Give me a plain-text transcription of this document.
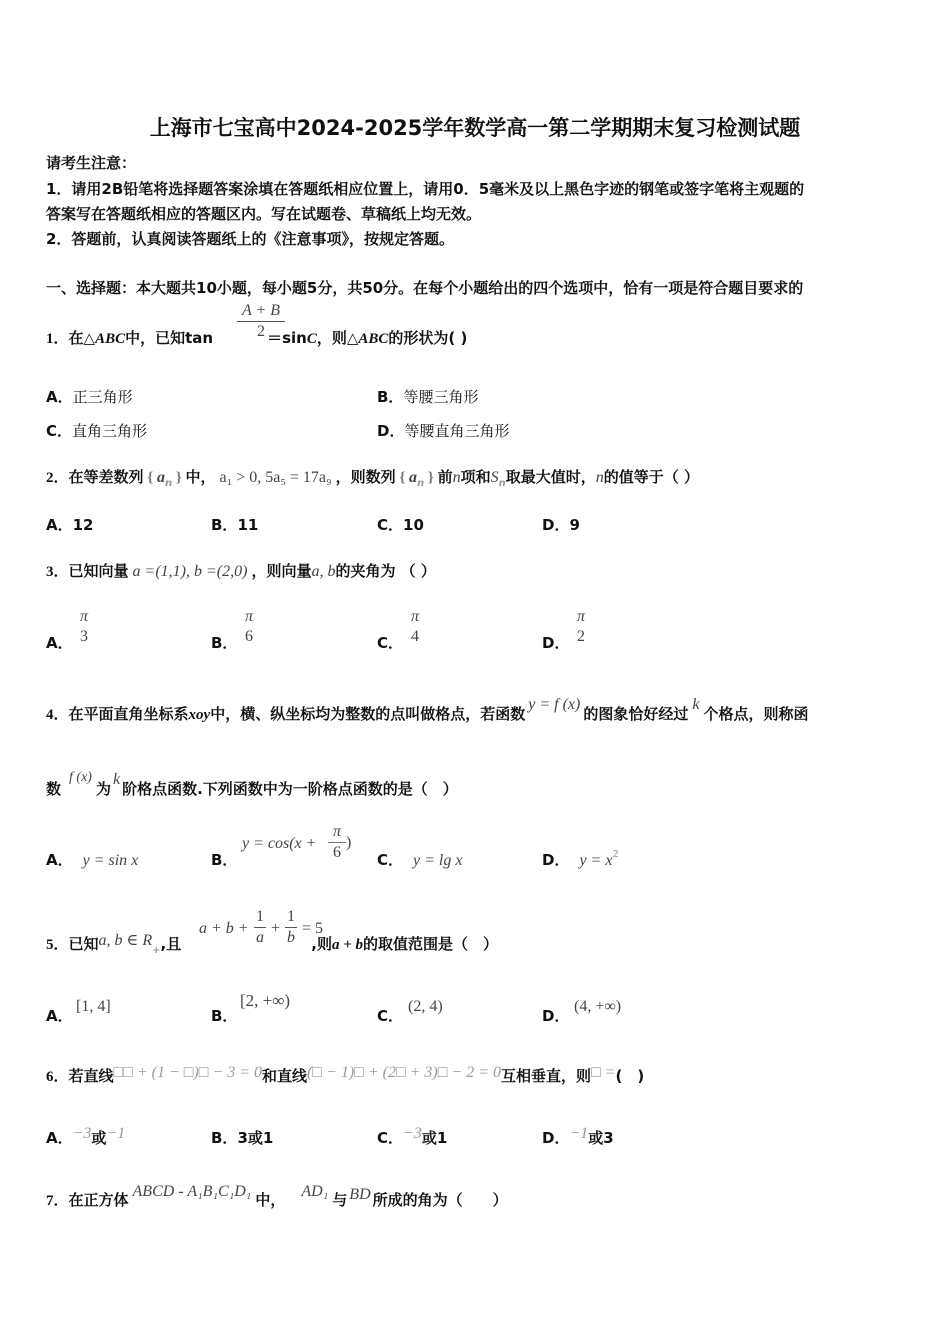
上海市七宝高中2024-2025学年数学高一第二学期期末复习检测试题
请考生注意：
1．请用2B铅笔将选择题答案涂填在答题纸相应位置上，请用0．5毫米及以上黑色字迹的钢笔或签字笔将主观题的
答案写在答题纸相应的答题区内。写在试题卷、草稿纸上均无效。
2．答题前，认真阅读答题纸上的《注意事项》，按规定答题。
一、选择题：本大题共10小题，每小题5分，共50分。在每个小题给出的四个选项中，恰有一项是符合题目要求的
1．在△ABC中，已知tan	＝sinC，则△ABC的形状为( )
A + B
2
A．正三角形	B．等腰三角形
C．直角三角形	D．等腰直角三角形
2．在等差数列 { $a_n$ } 中， a₁ > 0, 5a₅ = 17a₉ ，则数列 { $a_n$ } 前n项和$S_n$取最大值时，n的值等于（ ）
A．12	B．11	C．10	D．9
3．已知向量 a =(1,1), b =(2,0) ，则向量a, b的夹角为 （ ）
A．
π
3	B．
π
6	C．
π
4	D．
π
2
4．在平面直角坐标系xoy中，横、纵坐标均为整数的点叫做格点，若函数y = f (x)的图象恰好经过k个格点，则称函
数f (x)为k阶格点函数.下列函数中为一阶格点函数的是（　）
A． y = sin x	B．
y = cos(x +
π
6
)
C． y = lg x	D． $y = x^2$
5．已知a, b ∈ $R_+$,且	,则a + b的取值范围是（　）
a + b +
1
a
+
1
b
= 5
A．
[1, 4]
B．
[2, +∞)
C．
(2, 4)
D．
(4, +∞)
6．若直线□□ + (1 − □)□ − 3 = 0和直线(□ − 1)□ + (2□ + 3)□ − 2 = 0互相垂直，则□ =(　)
A．−3或−1	B．3或1	C．−3或1	D．−1或3
7．在正方体 ABCD - A₁B₁C₁D₁ 中， AD₁ 与 BD 所成的角为（　　）
